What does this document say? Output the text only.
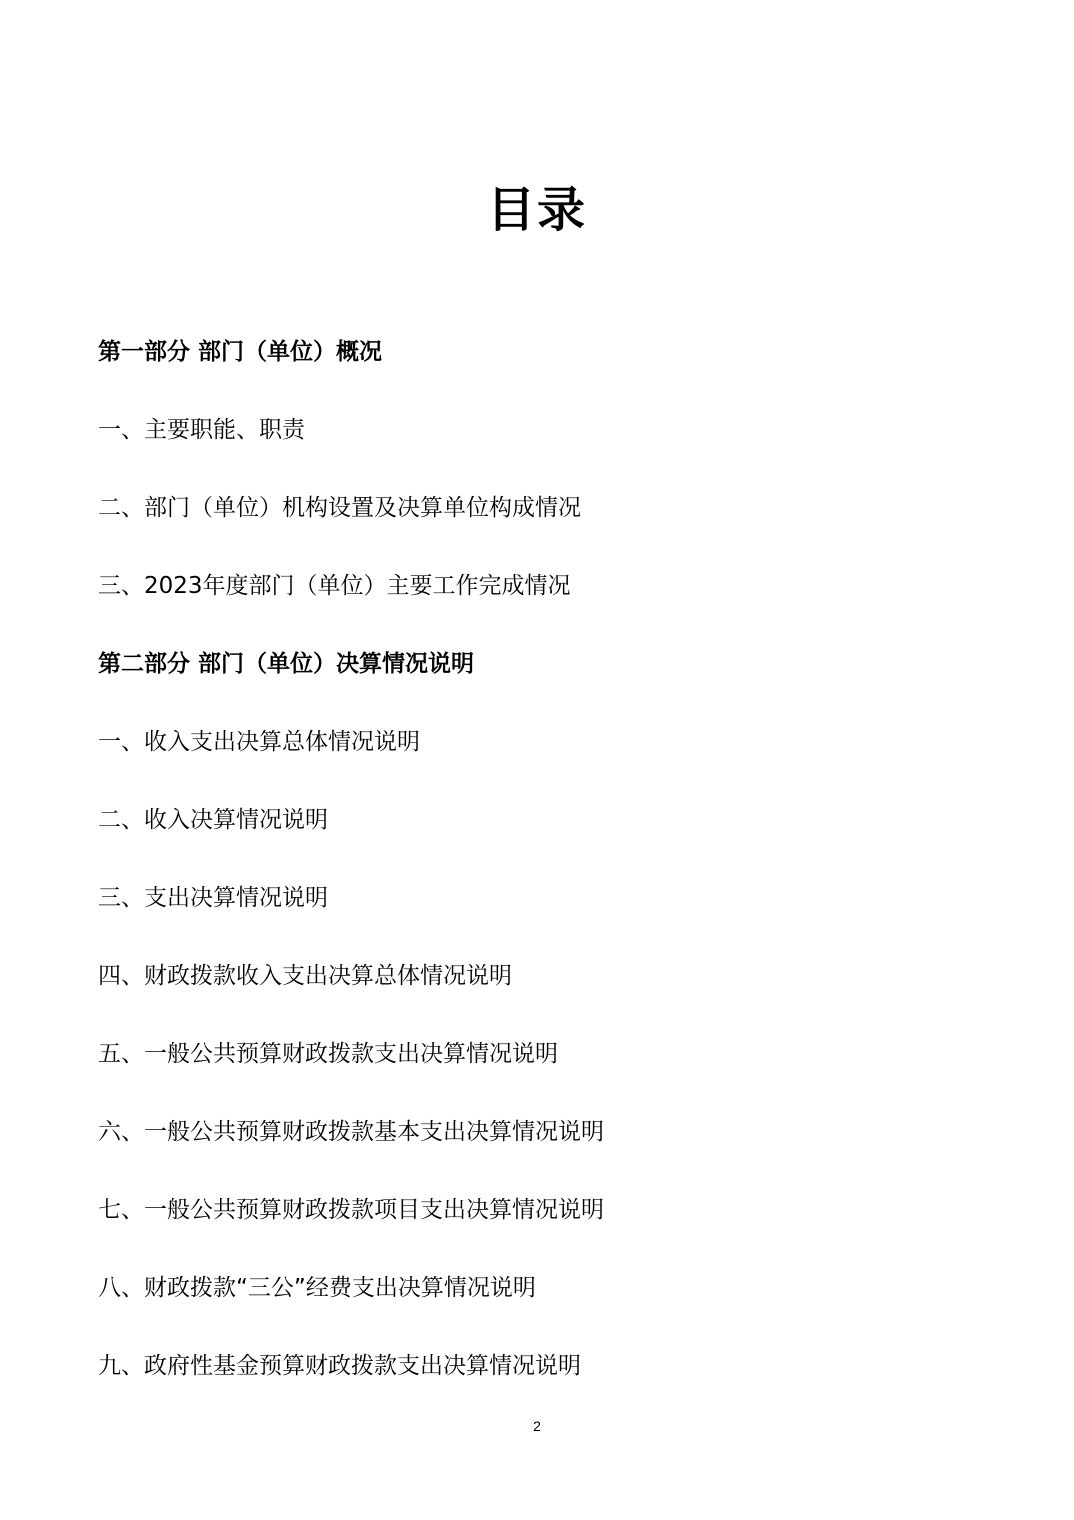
目录
第一部分 部门（单位）概况
一、主要职能、职责
二、部门（单位）机构设置及决算单位构成情况
三、2023年度部门（单位）主要工作完成情况
第二部分 部门（单位）决算情况说明
一、收入支出决算总体情况说明
二、收入决算情况说明
三、支出决算情况说明
四、财政拨款收入支出决算总体情况说明
五、一般公共预算财政拨款支出决算情况说明
六、一般公共预算财政拨款基本支出决算情况说明
七、一般公共预算财政拨款项目支出决算情况说明
八、财政拨款“三公”经费支出决算情况说明
九、政府性基金预算财政拨款支出决算情况说明
2
